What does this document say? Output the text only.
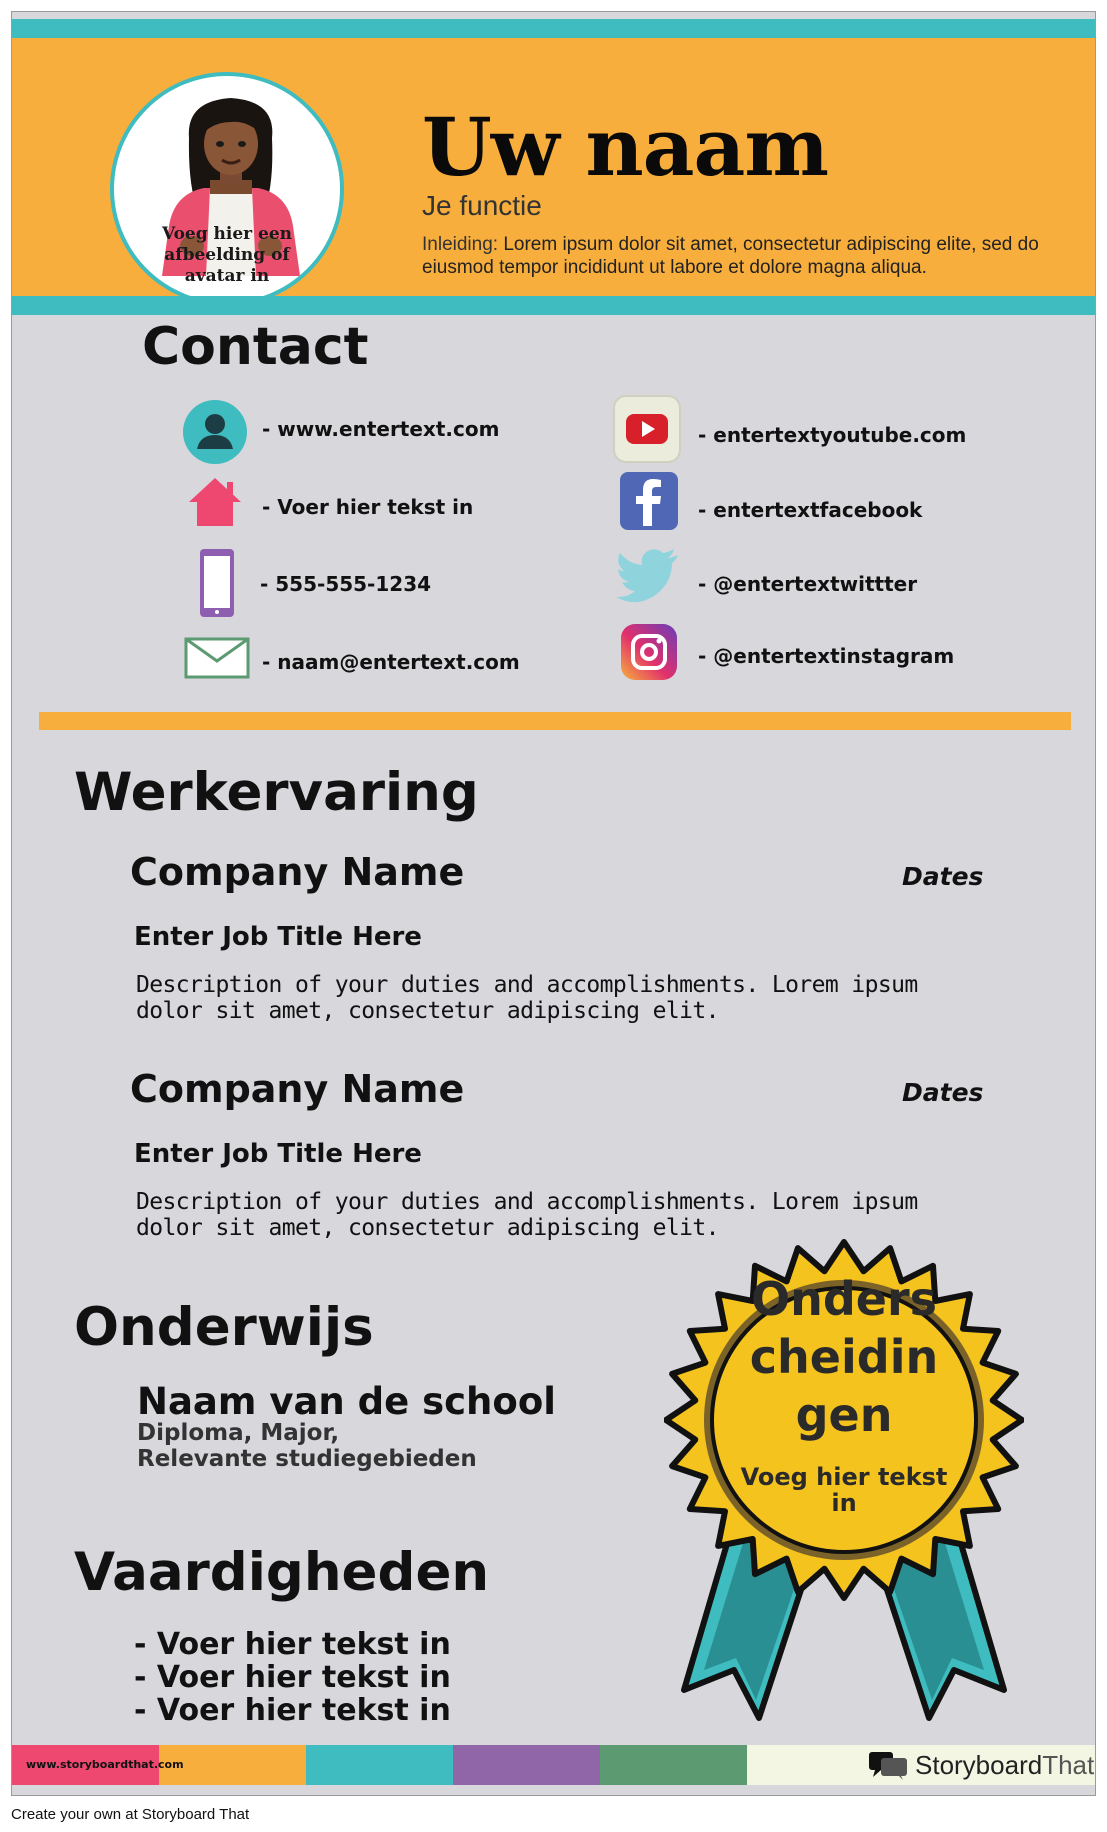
Voeg hier een
afbeelding of
avatar in
Uw naam
Je functie
Inleiding: Lorem ipsum dolor sit amet, consectetur adipiscing elite, sed do eiusmod tempor incididunt ut labore et dolore magna aliqua.
Contact
- www.entertext.com
- Voer hier tekst in
- 555-555-1234
- naam@entertext.com
- entertextyoutube.com
- entertextfacebook
- @entertextwittter
- @entertextinstagram
Werkervaring
Company Name	Dates
Enter Job Title Here
Description of your duties and accomplishments. Lorem ipsum dolor sit amet, consectetur adipiscing elit.
Company Name	Dates
Enter Job Title Here
Description of your duties and accomplishments. Lorem ipsum dolor sit amet, consectetur adipiscing elit.
Onderwijs
Naam van de school
Diploma, Major,
Relevante studiegebieden
Vaardigheden
- Voer hier tekst in
- Voer hier tekst in
- Voer hier tekst in
Onders
cheidin
gen
Voeg hier tekst
in
www.storyboardthat.com	StoryboardThat
Create your own at Storyboard That
